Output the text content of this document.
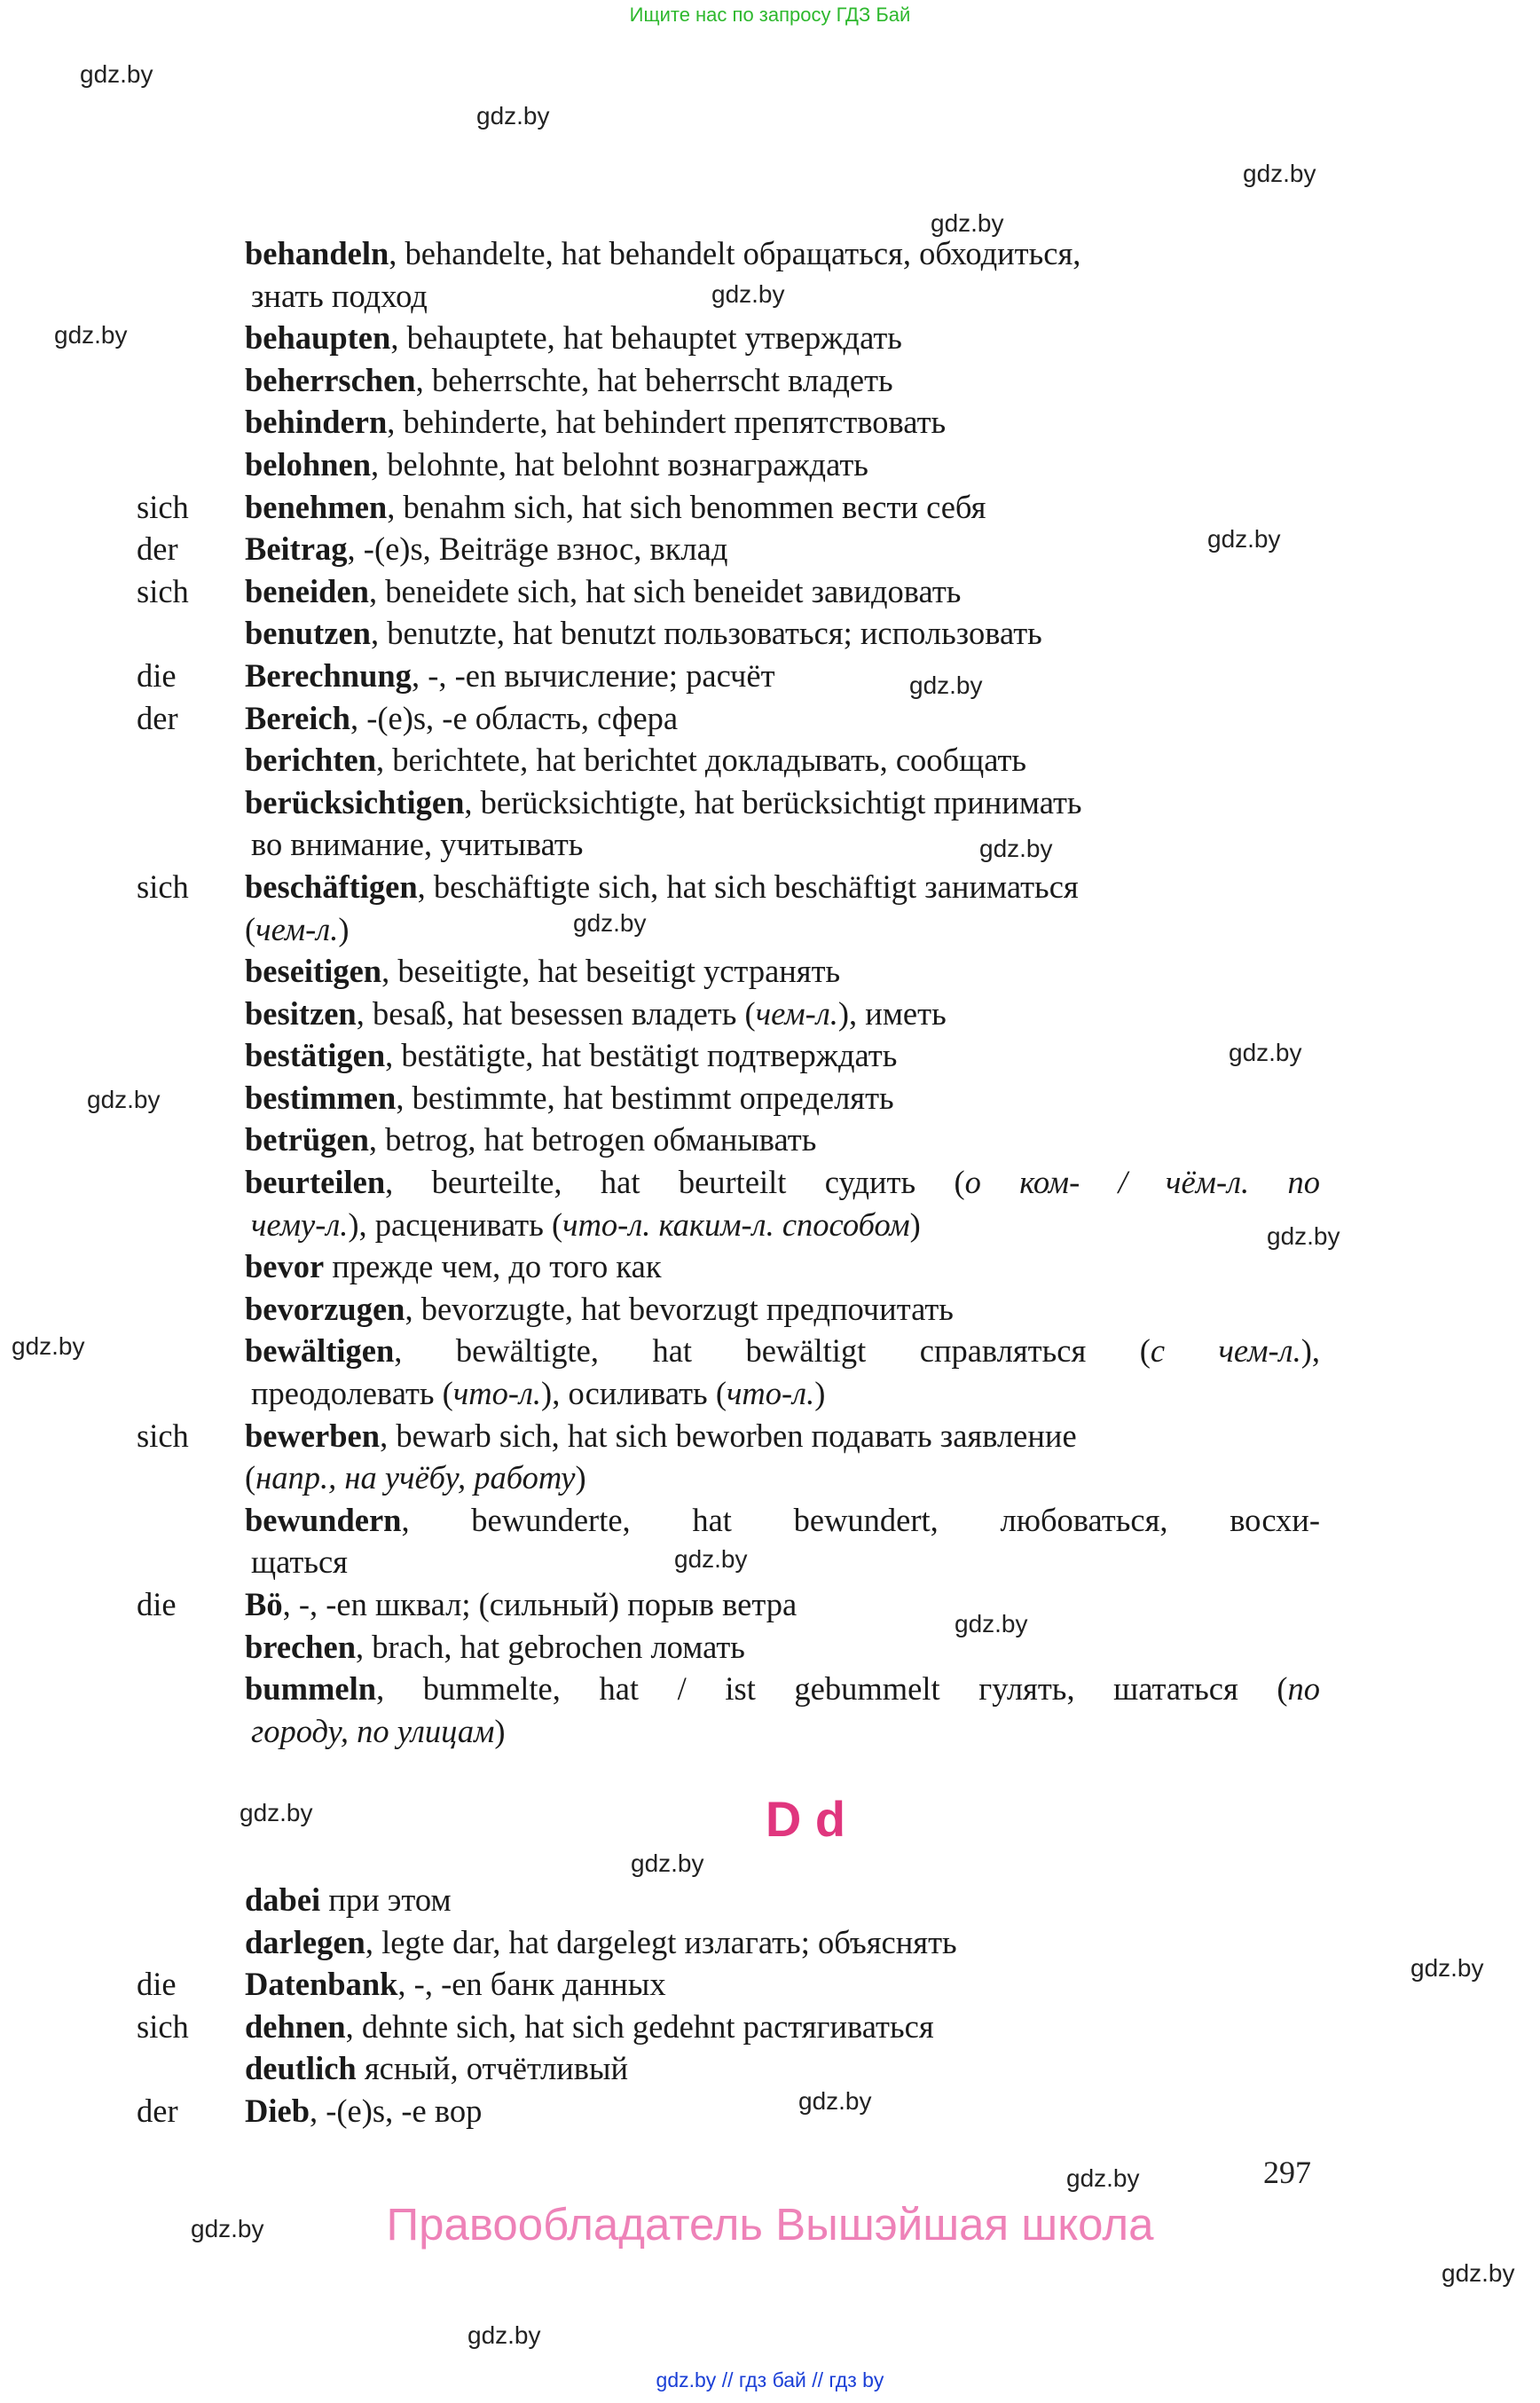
Ищите нас по запросу ГДЗ Бай
gdz.by
gdz.by
gdz.by
gdz.by
gdz.by
gdz.by
gdz.by
gdz.by
gdz.by
gdz.by
gdz.by
gdz.by
gdz.by
gdz.by
gdz.by
gdz.by
gdz.by
gdz.by
gdz.by
gdz.by
gdz.by
gdz.by
gdz.by
gdz.by
behandeln, behandelte, hat behandelt обращаться, обходиться,
знать подход
behaupten, behauptete, hat behauptet утверждать
beherrschen, beherrschte, hat beherrscht владеть
behindern, behinderte, hat behindert препятствовать
belohnen, belohnte, hat belohnt вознаграждать
sich benehmen, benahm sich, hat sich benommen вести себя
der Beitrag, -(e)s, Beiträge взнос, вклад
sich beneiden, beneidete sich, hat sich beneidet завидовать
benutzen, benutzte, hat benutzt пользоваться; использовать
die Berechnung, -, -en вычисление; расчёт
der Bereich, -(e)s, -e область, сфера
berichten, berichtete, hat berichtet докладывать, сообщать
berücksichtigen, berücksichtigte, hat berücksichtigt принимать
во внимание, учитывать
sich beschäftigen, beschäftigte sich, hat sich beschäftigt заниматься
(чем-л.)
beseitigen, beseitigte, hat beseitigt устранять
besitzen, besaß, hat besessen владеть (чем-л.), иметь
bestätigen, bestätigte, hat bestätigt подтверждать
bestimmen, bestimmte, hat bestimmt определять
betrügen, betrog, hat betrogen обманывать
beurteilen, beurteilte, hat beurteilt судить (о ком- / чём-л. по
чему-л.), расценивать (что-л. каким-л. способом)
bevor прежде чем, до того как
bevorzugen, bevorzugte, hat bevorzugt предпочитать
bewältigen, bewältigte, hat bewältigt справляться (с чем-л.),
преодолевать (что-л.), осиливать (что-л.)
sich bewerben, bewarb sich, hat sich beworben подавать заявление
(напр., на учёбу, работу)
bewundern, bewunderte, hat bewundert, любоваться, восхи-
щаться
die Bö, -, -en шквал; (сильный) порыв ветра
brechen, brach, hat gebrochen ломать
bummeln, bummelte, hat / ist gebummelt гулять, шататься (по
городу, по улицам)
D d
dabei при этом
darlegen, legte dar, hat dargelegt излагать; объяснять
die Datenbank, -, -en банк данных
sich dehnen, dehnte sich, hat sich gedehnt растягиваться
deutlich ясный, отчётливый
der Dieb, -(e)s, -e вор
297
Правообладатель Вышэйшая школа
gdz.by // гдз бай // гдз by
